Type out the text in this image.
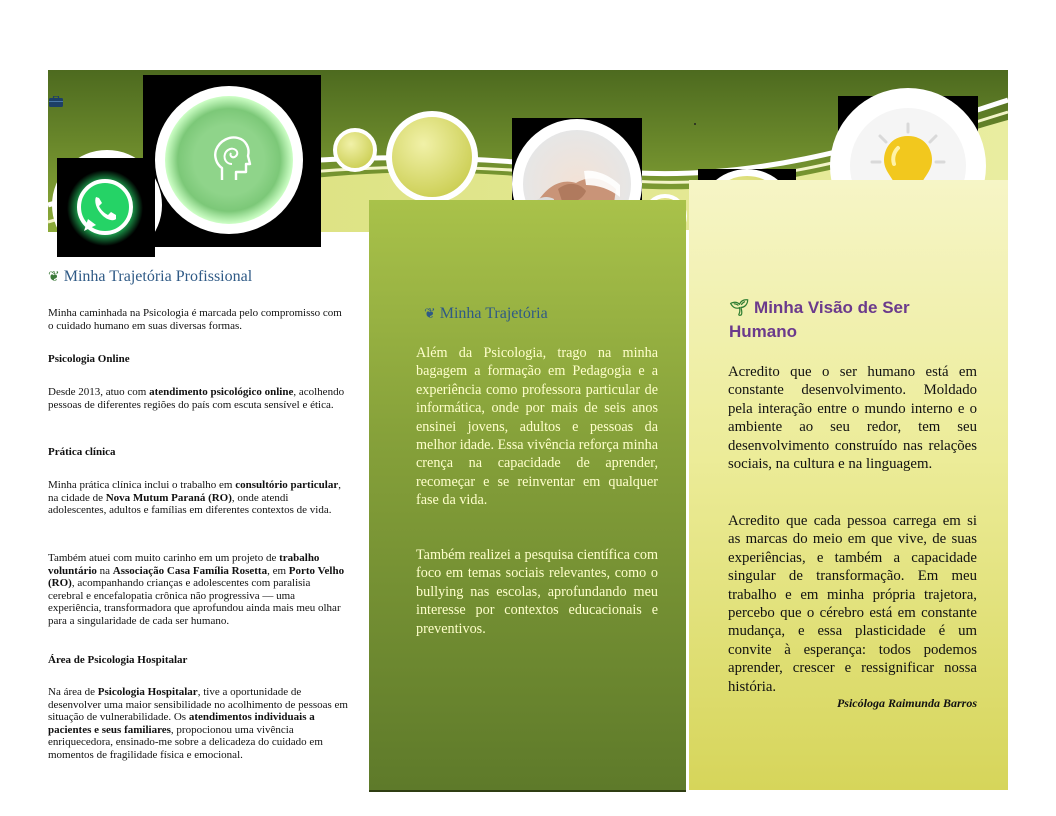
❦ Minha Trajetória Profissional

Minha caminhada na Psicologia é marcada pelo compromisso com o cuidado humano em suas diversas formas.

Psicologia Online

Desde 2013, atuo com atendimento psicológico online, acolhendo pessoas de diferentes regiões do país com escuta sensível e ética.

Prática clínica

Minha prática clínica inclui o trabalho em consultório particular, na cidade de Nova Mutum Paraná (RO), onde atendi adolescentes, adultos e famílias em diferentes contextos de vida.

Também atuei com muito carinho em um projeto de trabalho voluntário na Associação Casa Família Rosetta, em Porto Velho (RO), acompanhando crianças e adolescentes com paralisia cerebral e encefalopatia crônica não progressiva — uma experiência, transformadora que aprofundou ainda mais meu olhar para a singularidade de cada ser humano.

Área de Psicologia Hospitalar

Na área de Psicologia Hospitalar, tive a oportunidade de desenvolver uma maior sensibilidade no acolhimento de pessoas em situação de vulnerabilidade. Os atendimentos individuais a pacientes e seus familiares, propocionou uma vivência enriquecedora, ensinado-me sobre a delicadeza do cuidado em momentos de fragilidade física e emocional.

❦ Minha Trajetória

Além da Psicologia, trago na minha bagagem a formação em Pedagogia e a experiência como professora particular de informática, onde por mais de seis anos ensinei jovens, adultos e pessoas da melhor idade. Essa vivência reforça minha crença na capacidade de aprender, recomeçar e se reinventar em qualquer fase da vida.

Também realizei a pesquisa científica com foco em temas sociais relevantes, como o bullying nas escolas, aprofundando meu interesse por contextos educacionais e preventivos.

🌱︎ Minha Visão de Ser Humano

Acredito que o ser humano está em constante desenvolvimento. Moldado pela interação entre o mundo interno e o ambiente ao seu redor, tem seu desenvolvimento construído nas relações sociais, na cultura e na linguagem.

Acredito que cada pessoa carrega em si as marcas do meio em que vive, de suas experiências, e também a capacidade singular de transformação. Em meu trabalho e em minha própria trajetora, percebo que o cérebro está em constante mudança, e essa plasticidade é um convite à esperança: todos podemos aprender, crescer e ressignificar nossa história.

Psicóloga Raimunda Barros
